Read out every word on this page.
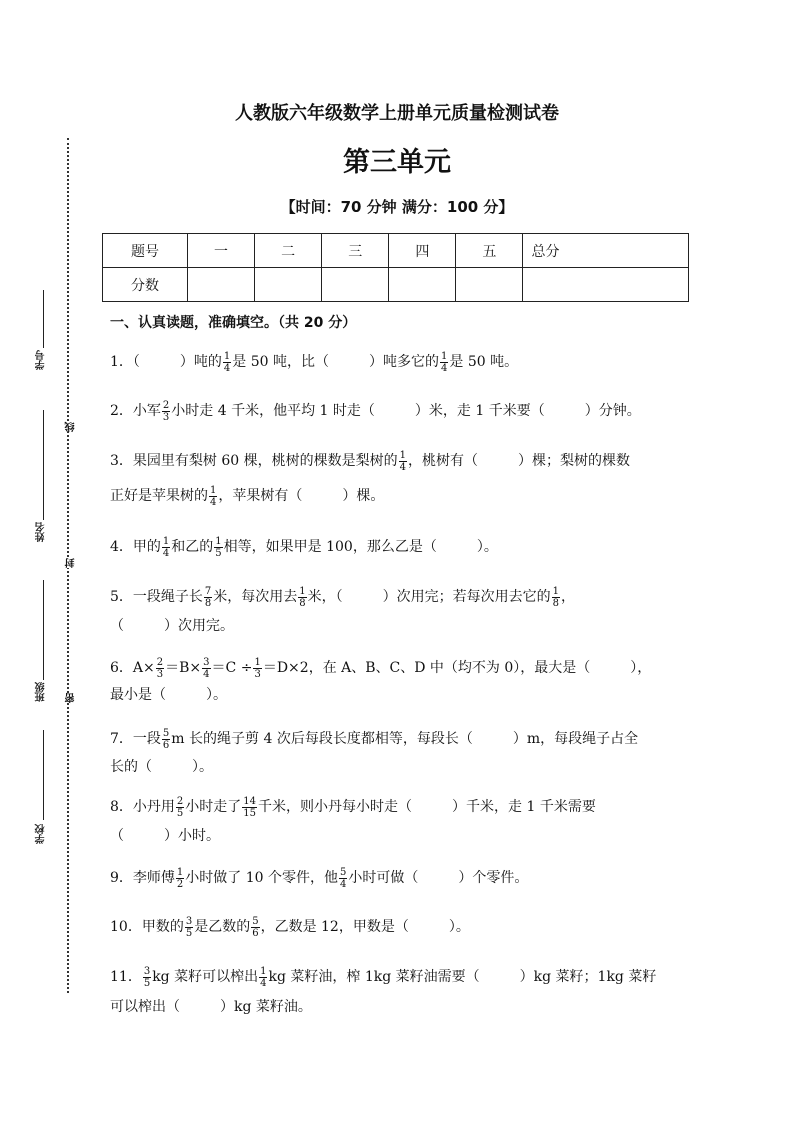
学号
姓名
班级
学校
线
封
密
人教版六年级数学上册单元质量检测试卷
第三单元
【时间：70 分钟 满分：100 分】
题号	一	二	三	四	五	总分
分数						
一、认真读题，准确填空。（共 20 分）
1．（	）吨的 $\frac{1}{4}$ 是 50 吨，比（	）吨多它的 $\frac{1}{4}$ 是 50 吨。
2．小军 $\frac{2}{3}$ 小时走 4 千米，他平均 1 时走（	）米，走 1 千米要（	）分钟。
3．果园里有梨树 60 棵，桃树的棵数是梨树的 $\frac{1}{4}$ ，桃树有（	）棵；梨树的棵数
正好是苹果树的 $\frac{1}{4}$ ，苹果树有（	）棵。
4．甲的 $\frac{1}{4}$ 和乙的 $\frac{1}{5}$ 相等，如果甲是 100，那么乙是（	）。
5．一段绳子长 $\frac{7}{8}$ 米，每次用去 $\frac{1}{8}$ 米，（	）次用完；若每次用去它的 $\frac{1}{8}$ ，
（	）次用完。
6．$A\times \frac{2}{3} =B\times \frac{3}{4} =C \div \frac{1}{3} =D\times 2$，在 A、B、C、D 中（均不为 0），最大是（	），
最小是（	）。
7．一段 $\frac{5}{6}$ m 长的绳子剪 4 次后每段长度都相等，每段长（	）m，每段绳子占全
长的（	）。
8．小丹用 $\frac{2}{5}$ 小时走了 $\frac{14}{15}$ 千米，则小丹每小时走（	）千米，走 1 千米需要
（	）小时。
9．李师傅 $\frac{1}{2}$ 小时做了 10 个零件，他 $\frac{5}{4}$ 小时可做（	）个零件。
10．甲数的 $\frac{3}{5}$ 是乙数的 $\frac{5}{6}$ ，乙数是 12，甲数是（	）。
11． $\frac{3}{5}$ kg 菜籽可以榨出 $\frac{1}{4}$ kg 菜籽油，榨 1kg 菜籽油需要（	）kg 菜籽；1kg 菜籽
可以榨出（	）kg 菜籽油。
